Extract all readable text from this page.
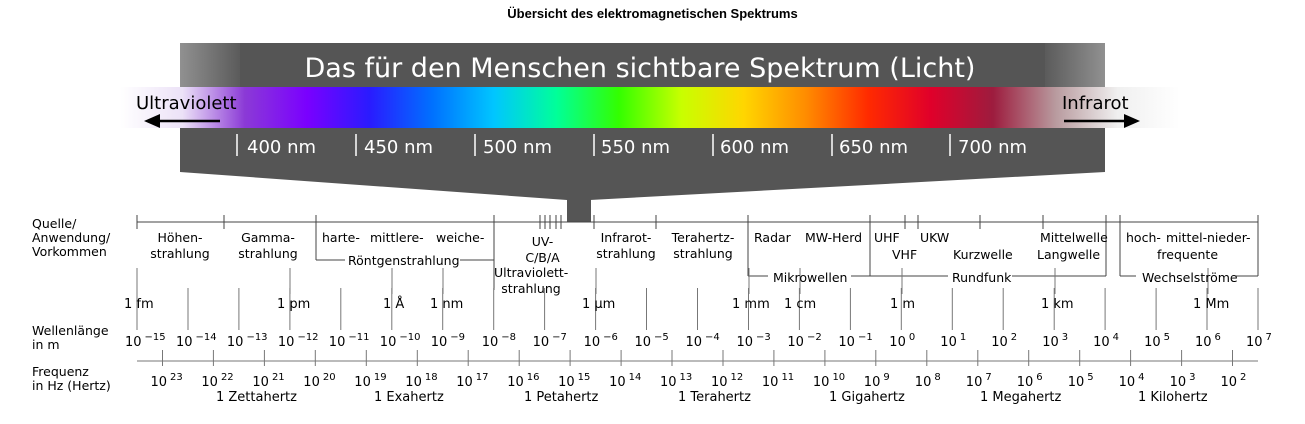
Übersicht des elektromagnetischen Spektrums
Das für den Menschen sichtbare Spektrum (Licht)
Ultraviolett	Infrarot
400 nm	450 nm	500 nm	550 nm	600 nm	650 nm	700 nm
Quelle/
Anwendung/
Vorkommen
Wellenlänge
in m
Frequenz
in Hz (Hertz)
Höhen-
strahlung
Gamma-
strahlung
harte- mittlere- weiche-
Röntgenstrahlung
UV-
C/B/A
Ultraviolett-
strahlung
Infrarot-
strahlung
Terahertz-
strahlung
Radar MW-Herd
Mikrowellen
UHF UKW
VHF	Kurzwelle
Mittelwelle
Langwelle
Rundfunk
hoch- mittel- nieder-
frequente
Wechselströme
1 fm	1 pm	1 Å 1 nm	1 µm	1 mm 1 cm	1 m	1 km	1 Mm
10 $^{-15}$ 10 $^{-14}$ 10 $^{-13}$ 10 $^{-12}$ 10 $^{-11}$ 10 $^{-10}$ 10 $^{-9}$ 10 $^{-8}$ 10 $^{-7}$ 10 $^{-6}$ 10 $^{-5}$ 10 $^{-4}$ 10 $^{-3}$ 10 $^{-2}$ 10 $^{-1}$ 10 $^0$ 10 $^1$ 10 $^2$ 10 $^3$ 10 $^4$ 10 $^5$ 10 $^6$ 10 $^7$
10 $^{23}$ 10 $^{22}$ 10 $^{21}$ 10 $^{20}$ 10 $^{19}$ 10 $^{18}$ 10 $^{17}$ 10 $^{16}$ 10 $^{15}$ 10 $^{14}$ 10 $^{13}$ 10 $^{12}$ 10 $^{11}$ 10 $^{10}$ 10 $^9$ 10 $^8$ 10 $^7$ 10 $^6$ 10 $^5$ 10 $^4$ 10 $^3$ 10 $^2$
1 Zettahertz	1 Exahertz	1 Petahertz	1 Terahertz	1 Gigahertz	1 Megahertz	1 Kilohertz
